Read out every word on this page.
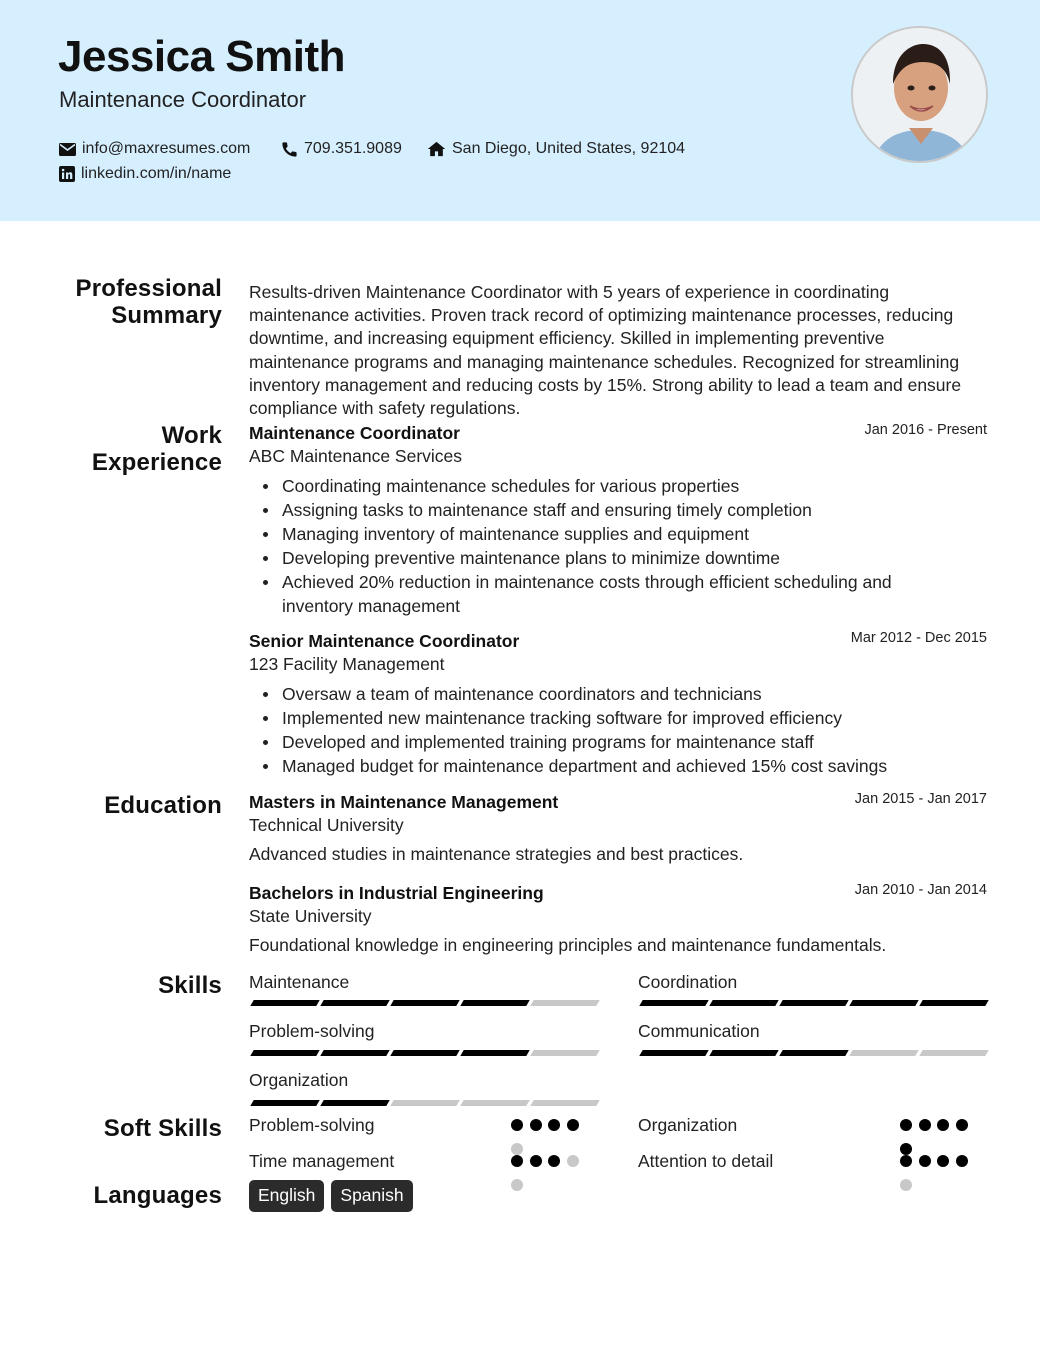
Jessica Smith
Maintenance Coordinator
info@maxresumes.com	709.351.9089	San Diego, United States, 92104
linkedin.com/in/name
Professional
Summary
Results-driven Maintenance Coordinator with 5 years of experience in coordinating maintenance activities. Proven track record of optimizing maintenance processes, reducing downtime, and increasing equipment efficiency. Skilled in implementing preventive maintenance programs and managing maintenance schedules. Recognized for streamlining inventory management and reducing costs by 15%. Strong ability to lead a team and ensure compliance with safety regulations.
Work
Experience
Maintenance Coordinator	Jan 2016 - Present
ABC Maintenance Services
Coordinating maintenance schedules for various properties
Assigning tasks to maintenance staff and ensuring timely completion
Managing inventory of maintenance supplies and equipment
Developing preventive maintenance plans to minimize downtime
Achieved 20% reduction in maintenance costs through efficient scheduling and inventory management
Senior Maintenance Coordinator	Mar 2012 - Dec 2015
123 Facility Management
Oversaw a team of maintenance coordinators and technicians
Implemented new maintenance tracking software for improved efficiency
Developed and implemented training programs for maintenance staff
Managed budget for maintenance department and achieved 15% cost savings
Education Masters in Maintenance Management	Jan 2015 - Jan 2017
Technical University
Advanced studies in maintenance strategies and best practices.
Bachelors in Industrial Engineering	Jan 2010 - Jan 2014
State University
Foundational knowledge in engineering principles and maintenance fundamentals.
Skills Maintenance	Coordination
Problem-solving	Communication
Organization
Soft Skills Problem-solving	Organization
Time management	Attention to detail
Languages	English	Spanish
